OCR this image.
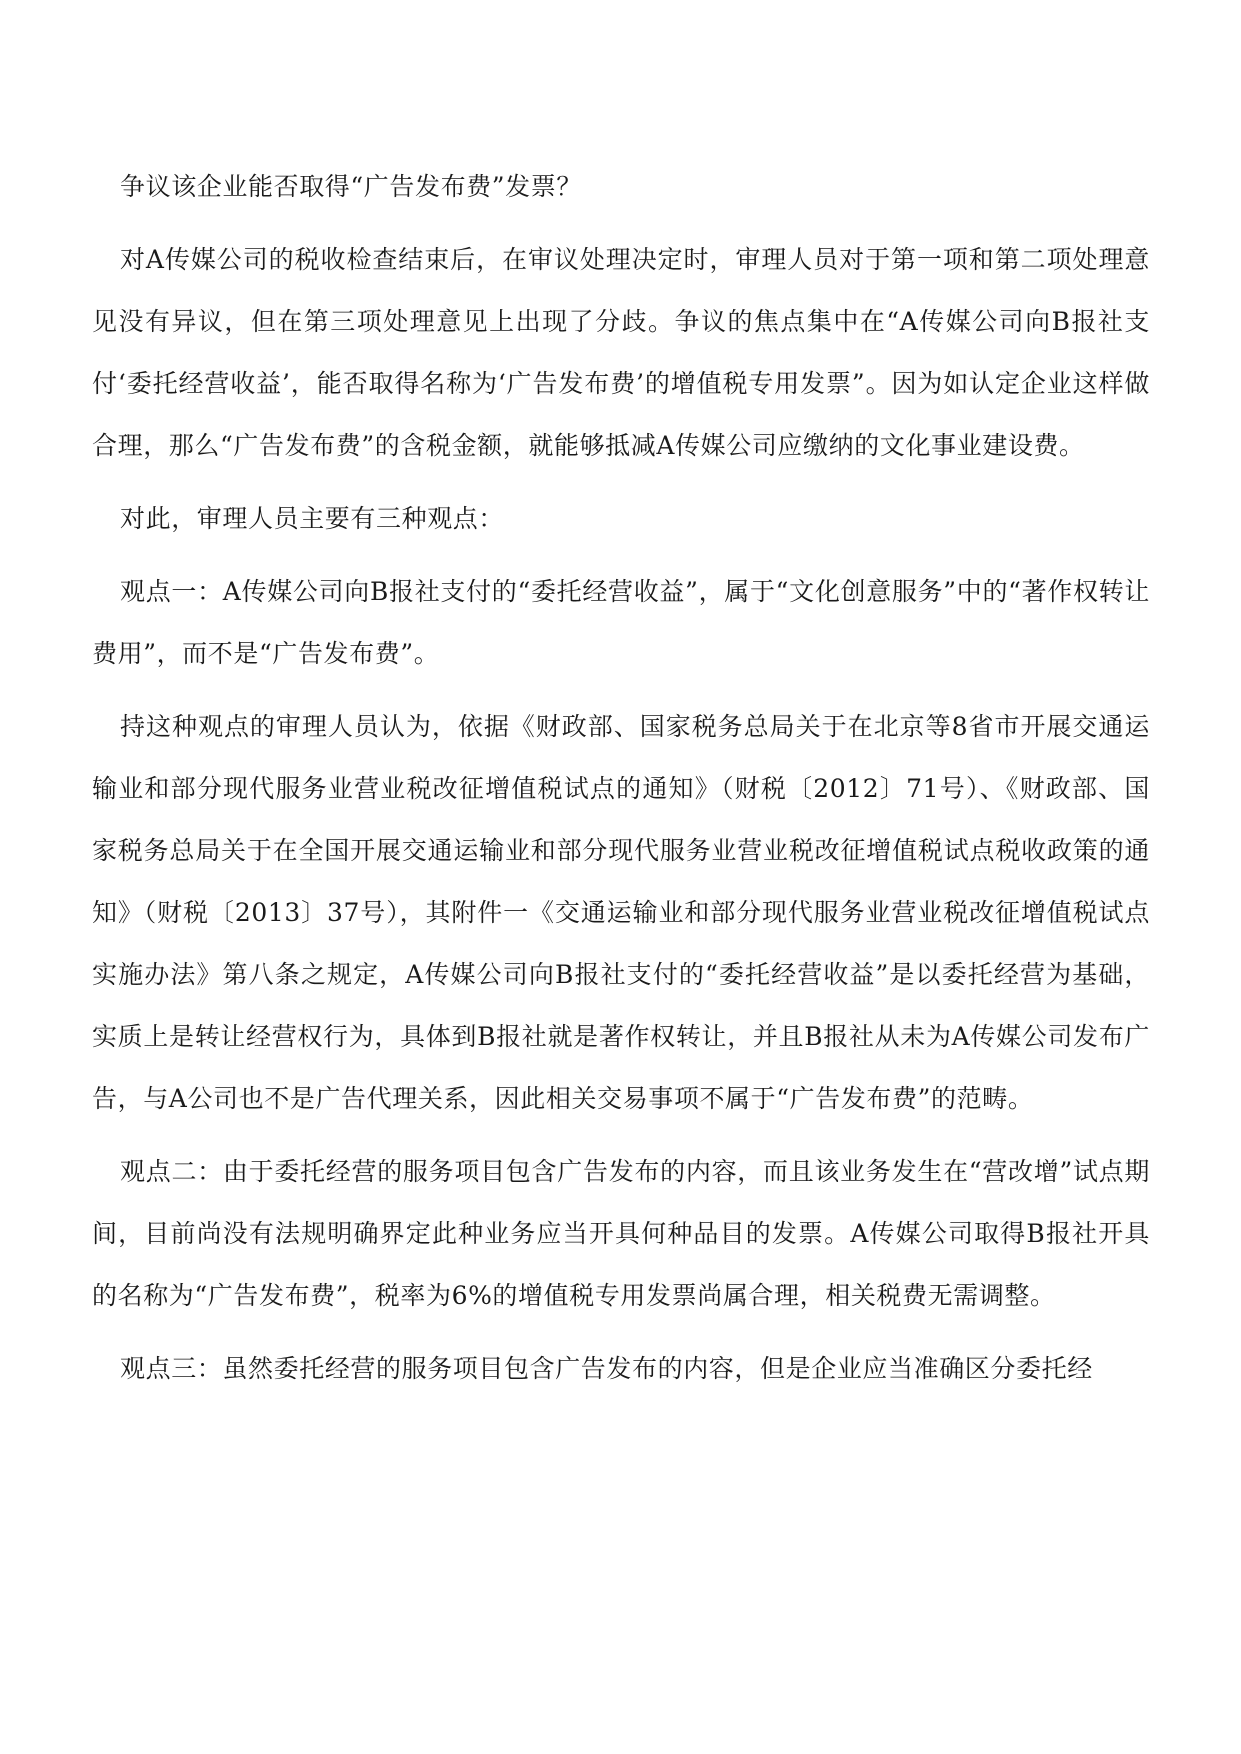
争议该企业能否取得“广告发布费”发票？

对A传媒公司的税收检查结束后，在审议处理决定时，审理人员对于第一项和第二项处理意见没有异议，但在第三项处理意见上出现了分歧。争议的焦点集中在“A传媒公司向B报社支付‘委托经营收益’，能否取得名称为‘广告发布费’的增值税专用发票”。因为如认定企业这样做合理，那么“广告发布费”的含税金额，就能够抵减A传媒公司应缴纳的文化事业建设费。

对此，审理人员主要有三种观点：

观点一：A传媒公司向B报社支付的“委托经营收益”，属于“文化创意服务”中的“著作权转让费用”，而不是“广告发布费”。

持这种观点的审理人员认为，依据《财政部、国家税务总局关于在北京等8省市开展交通运输业和部分现代服务业营业税改征增值税试点的通知》（财税〔2012〕71号）、《财政部、国家税务总局关于在全国开展交通运输业和部分现代服务业营业税改征增值税试点税收政策的通知》（财税〔2013〕37号），其附件一《交通运输业和部分现代服务业营业税改征增值税试点实施办法》第八条之规定，A传媒公司向B报社支付的“委托经营收益”是以委托经营为基础，实质上是转让经营权行为，具体到B报社就是著作权转让，并且B报社从未为A传媒公司发布广告，与A公司也不是广告代理关系，因此相关交易事项不属于“广告发布费”的范畴。

观点二：由于委托经营的服务项目包含广告发布的内容，而且该业务发生在“营改增”试点期间，目前尚没有法规明确界定此种业务应当开具何种品目的发票。A传媒公司取得B报社开具的名称为“广告发布费”，税率为6%的增值税专用发票尚属合理，相关税费无需调整。

观点三：虽然委托经营的服务项目包含广告发布的内容，但是企业应当准确区分委托经
